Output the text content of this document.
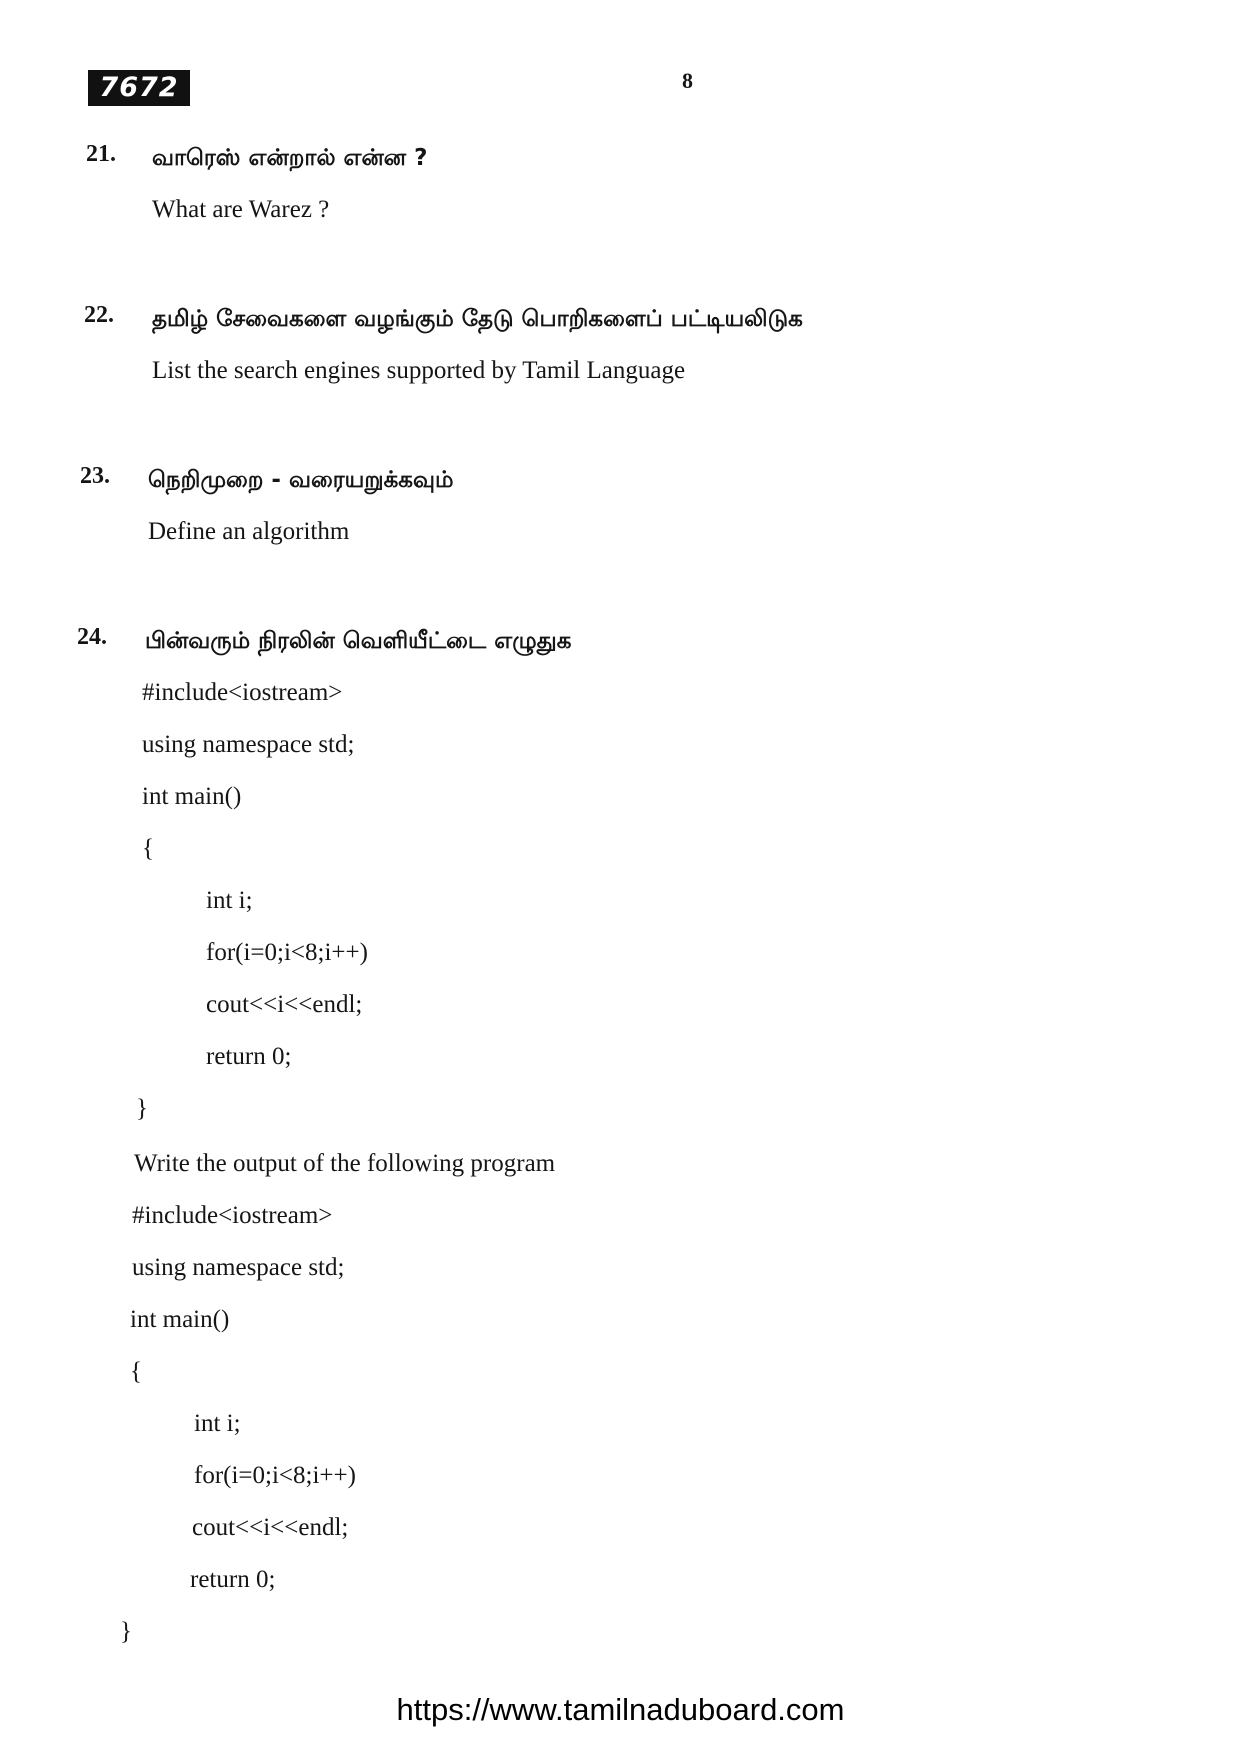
7672	8
21. வாரெஸ் என்றால் என்ன ?
What are Warez ?
22. தமிழ் சேவைகளை வழங்கும் தேடு பொறிகளைப் பட்டியலிடுக
List the search engines supported by Tamil Language
23. நெறிமுறை - வரையறுக்கவும்
Define an algorithm
24. பின்வரும் நிரலின் வெளியீட்டை எழுதுக
#include<iostream>
using namespace std;
int main()
{
int i;
for(i=0;i<8;i++)
cout<<i<<endl;
return 0;
}
Write the output of the following program
#include<iostream>
using namespace std;
int main()
{
int i;
for(i=0;i<8;i++)
cout<<i<<endl;
return 0;
}
https://www.tamilnaduboard.com
